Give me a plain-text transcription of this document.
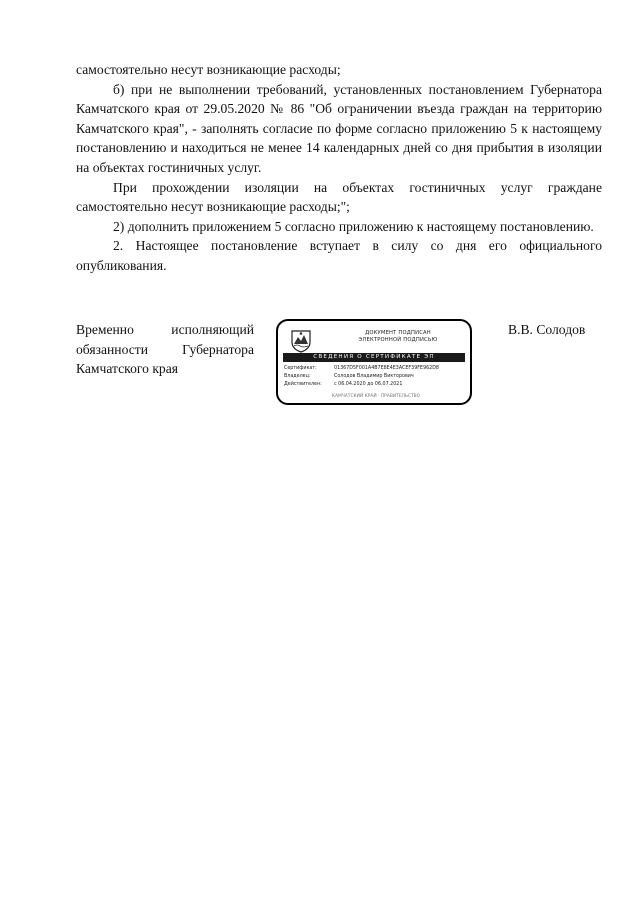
самостоятельно несут возникающие расходы;

б) при не выполнении требований, установленных постановлением Губернатора Камчатского края от 29.05.2020 № 86 "Об ограничении въезда граждан на территорию Камчатского края", - заполнять согласие по форме согласно приложению 5 к настоящему постановлению и находиться не менее 14 календарных дней со дня прибытия в изоляции на объектах гостиничных услуг.

При прохождении изоляции на объектах гостиничных услуг граждане самостоятельно несут возникающие расходы;";

2) дополнить приложением 5 согласно приложению к настоящему постановлению.

2. Настоящее постановление вступает в силу со дня его официального опубликования.

Временно исполняющий
обязанности Губернатора
Камчатского края
ДОКУМЕНТ ПОДПИСАН
ЭЛЕКТРОННОЙ ПОДПИСЬЮ
СВЕДЕНИЯ О СЕРТИФИКАТЕ ЭП
Сертификат:	01367D5F001A4B7E8E4E3ACEF39FE962D8
Владелец:	Солодов Владимир Викторович
Действителен:	с 06.04.2020 до 06.07.2021
КАМЧАТСКИЙ КРАЙ · ПРАВИТЕЛЬСТВО
В.В. Солодов
